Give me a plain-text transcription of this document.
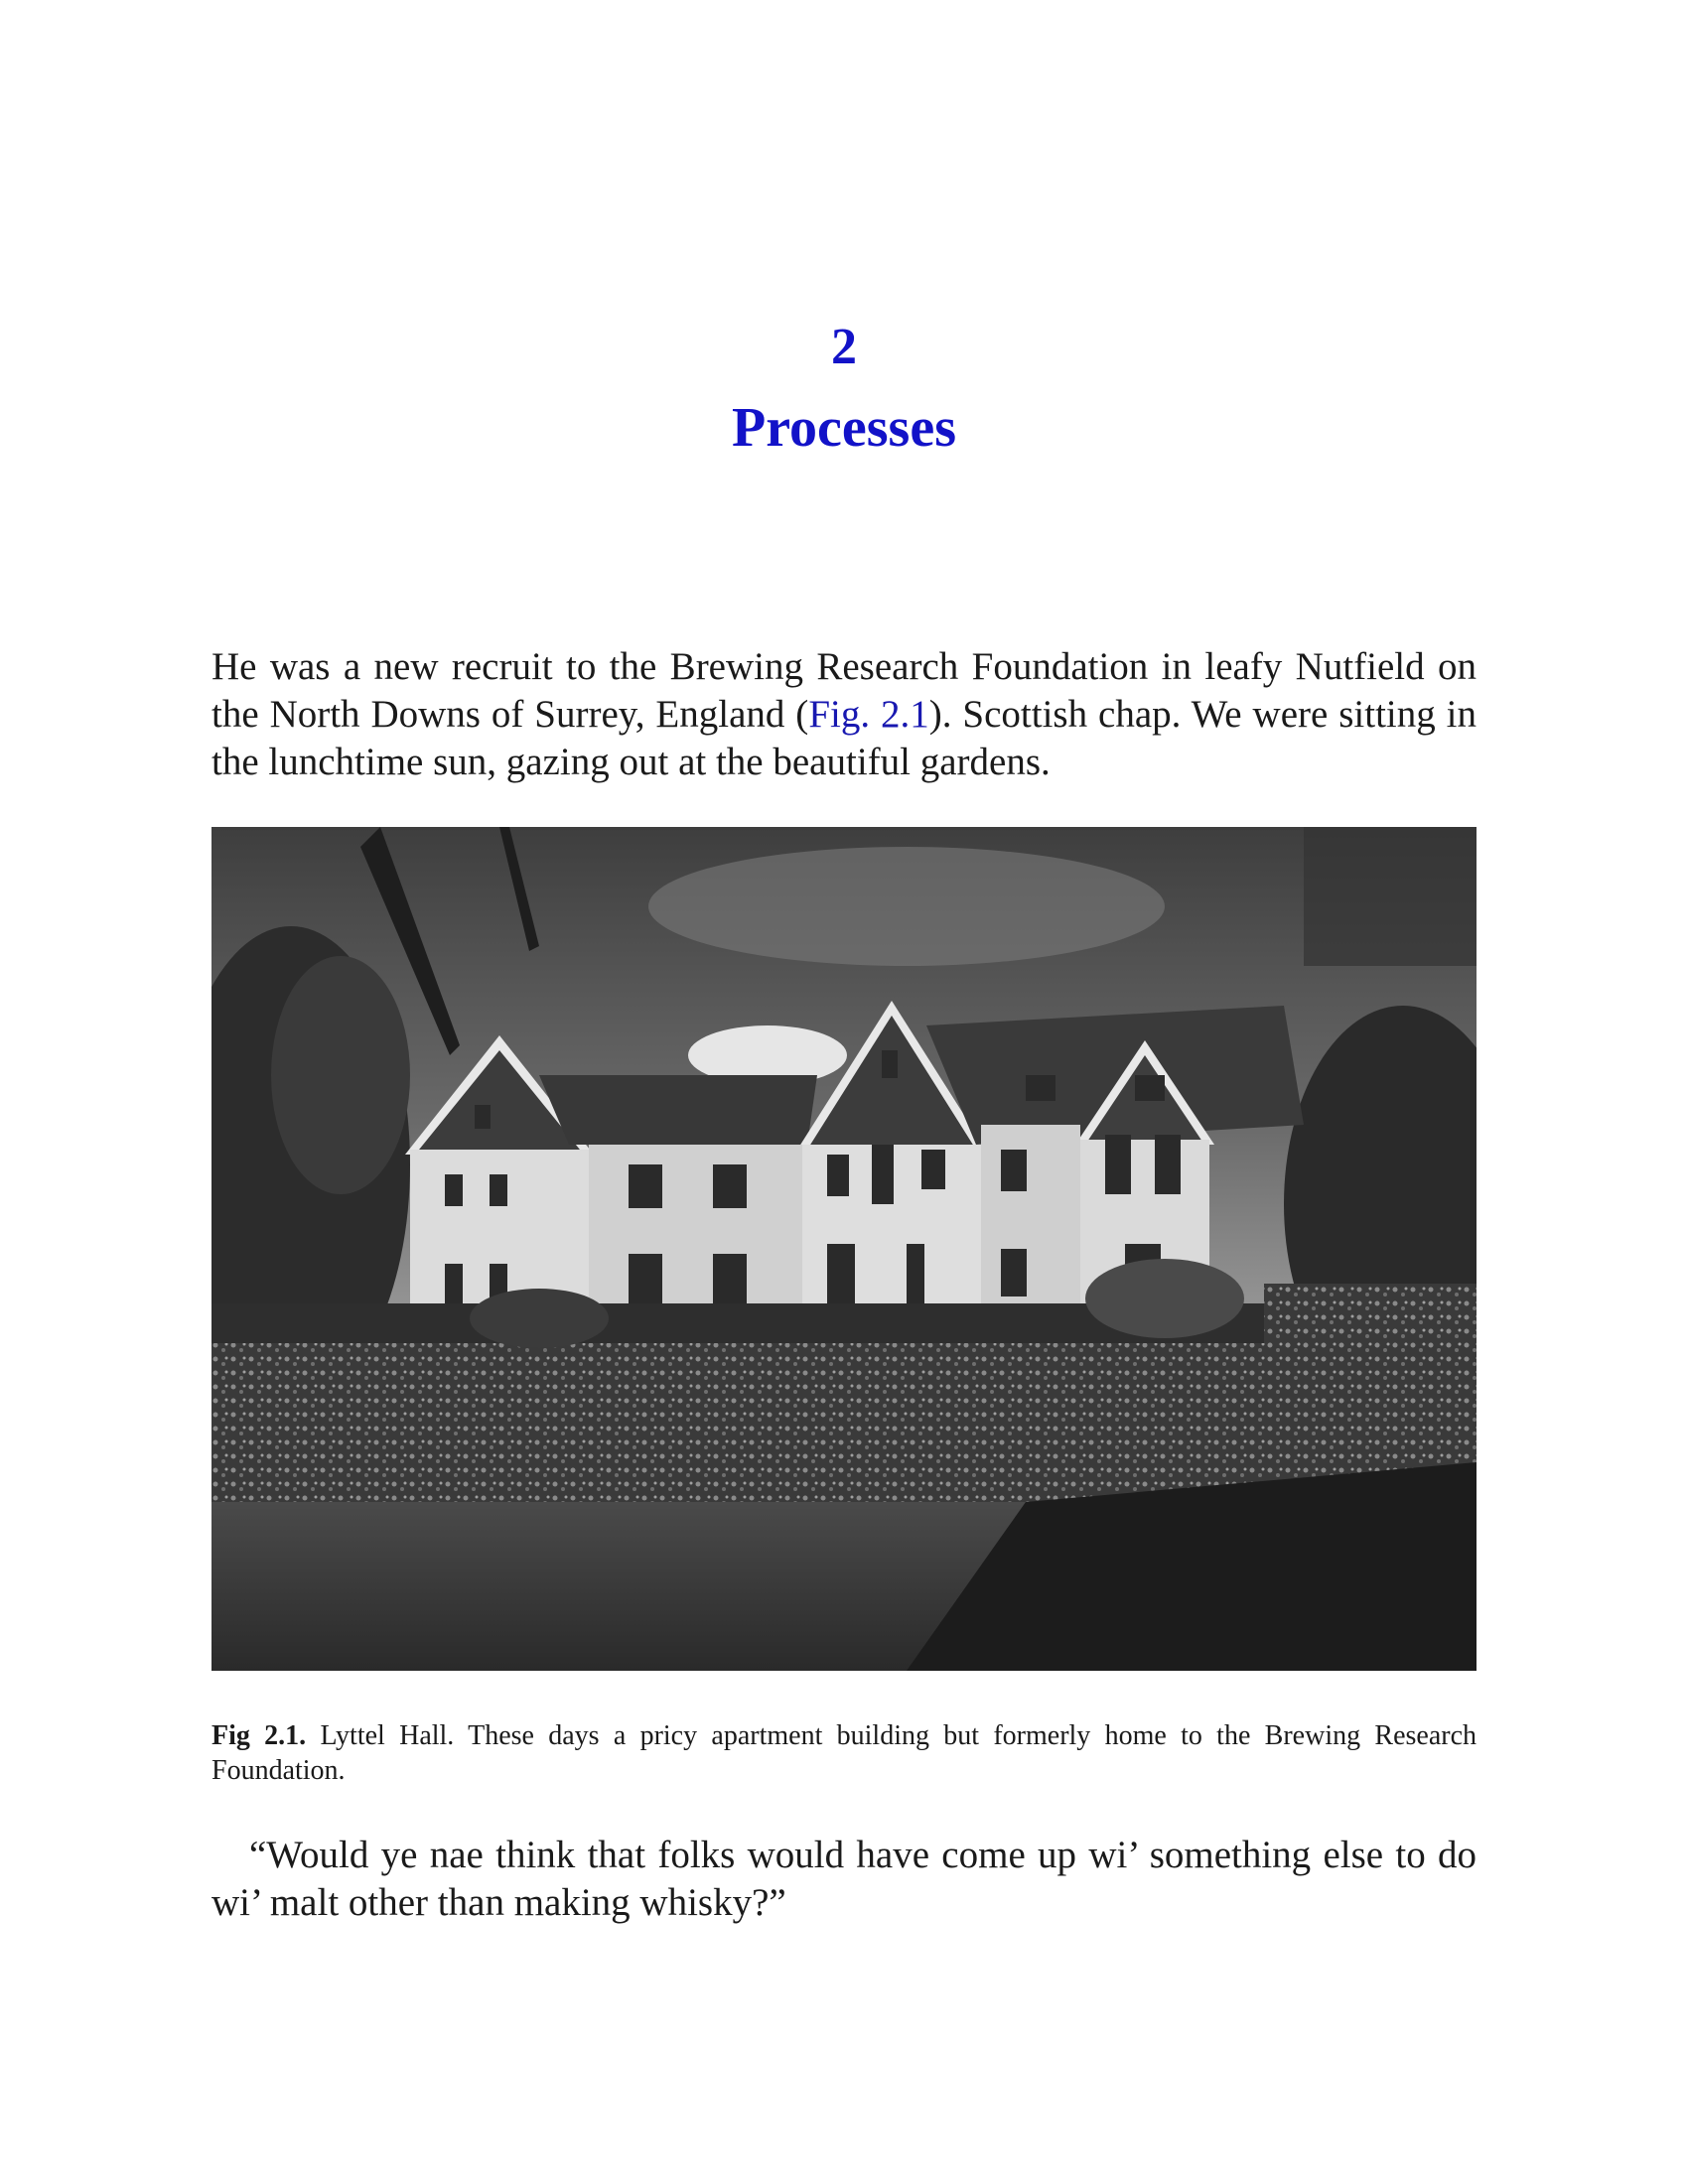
2
Processes

He was a new recruit to the Brewing Research Foundation in leafy Nutfield on the North Downs of Surrey, England (Fig. 2.1). Scottish chap. We were sitting in the lunchtime sun, gazing out at the beautiful gardens.

Fig 2.1. Lyttel Hall. These days a pricy apartment building but formerly home to the Brewing Research Foundation.

“Would ye nae think that folks would have come up wi’ something else to do wi’ malt other than making whisky?”
